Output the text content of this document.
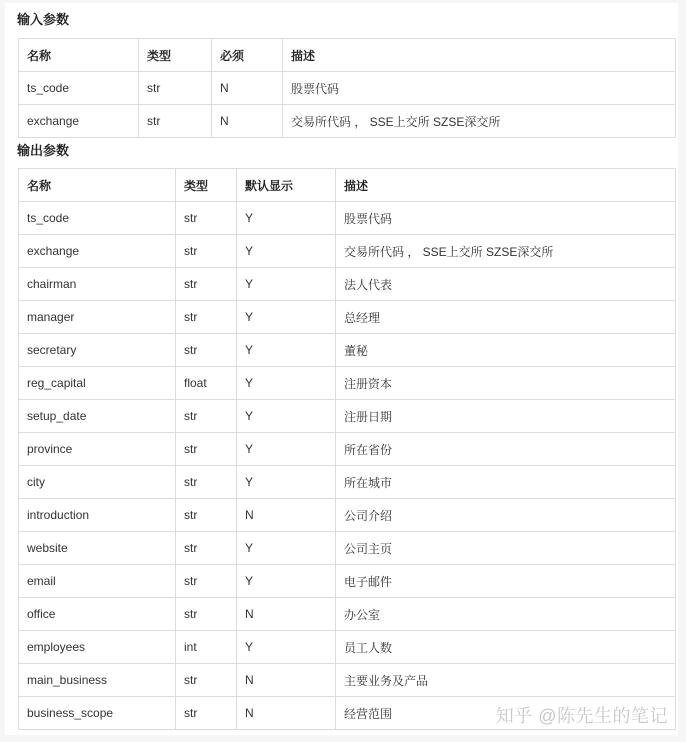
输入参数
名称	类型	必须	描述
ts_code	str	N	股票代码
exchange	str	N	交易所代码 ， SSE上交所 SZSE深交所
输出参数
名称	类型	默认显示	描述
ts_code	str	Y	股票代码
exchange	str	Y	交易所代码 ， SSE上交所 SZSE深交所
chairman	str	Y	法人代表
manager	str	Y	总经理
secretary	str	Y	董秘
reg_capital	float	Y	注册资本
setup_date	str	Y	注册日期
province	str	Y	所在省份
city	str	Y	所在城市
introduction	str	N	公司介绍
website	str	Y	公司主页
email	str	Y	电子邮件
office	str	N	办公室
employees	int	Y	员工人数
main_business	str	N	主要业务及产品
business_scope	str	N	经营范围	知乎 @陈先生的笔记
